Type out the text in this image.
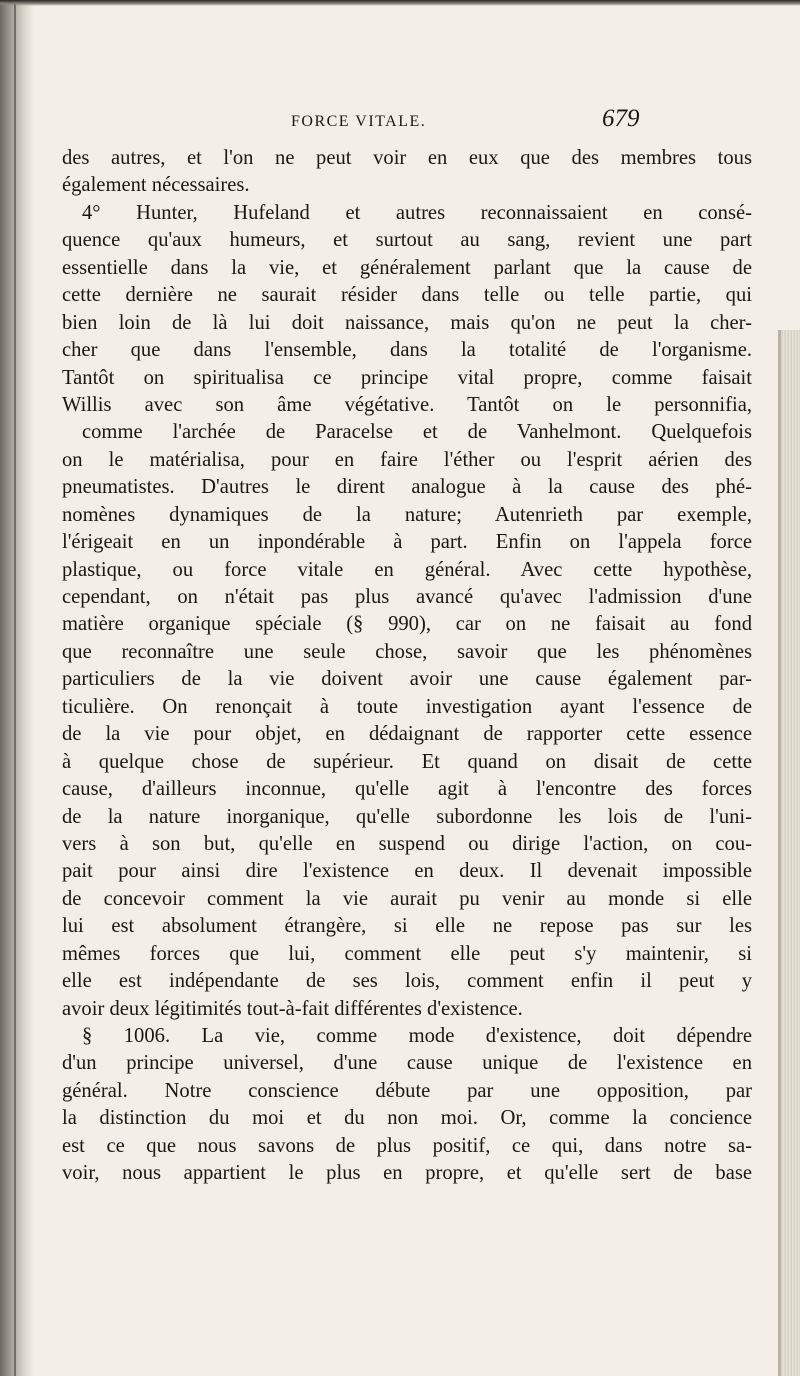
FORCE VITALE.	679
des autres, et l'on ne peut voir en eux que des membres tous
également nécessaires.
4° Hunter, Hufeland et autres reconnaissaient en consé-
quence qu'aux humeurs, et surtout au sang, revient une part
essentielle dans la vie, et généralement parlant que la cause de
cette dernière ne saurait résider dans telle ou telle partie, qui
bien loin de là lui doit naissance, mais qu'on ne peut la cher-
cher que dans l'ensemble, dans la totalité de l'organisme.
Tantôt on spiritualisa ce principe vital propre, comme faisait
Willis avec son âme végétative. Tantôt on le personnifia,
comme l'archée de Paracelse et de Vanhelmont. Quelquefois
on le matérialisa, pour en faire l'éther ou l'esprit aérien des
pneumatistes. D'autres le dirent analogue à la cause des phé-
nomènes dynamiques de la nature; Autenrieth par exemple,
l'érigeait en un inpondérable à part. Enfin on l'appela force
plastique, ou force vitale en général. Avec cette hypothèse,
cependant, on n'était pas plus avancé qu'avec l'admission d'une
matière organique spéciale (§ 990), car on ne faisait au fond
que reconnaître une seule chose, savoir que les phénomènes
particuliers de la vie doivent avoir une cause également par-
ticulière. On renonçait à toute investigation ayant l'essence de
de la vie pour objet, en dédaignant de rapporter cette essence
à quelque chose de supérieur. Et quand on disait de cette
cause, d'ailleurs inconnue, qu'elle agit à l'encontre des forces
de la nature inorganique, qu'elle subordonne les lois de l'uni-
vers à son but, qu'elle en suspend ou dirige l'action, on cou-
pait pour ainsi dire l'existence en deux. Il devenait impossible
de concevoir comment la vie aurait pu venir au monde si elle
lui est absolument étrangère, si elle ne repose pas sur les
mêmes forces que lui, comment elle peut s'y maintenir, si
elle est indépendante de ses lois, comment enfin il peut y
avoir deux légitimités tout-à-fait différentes d'existence.
§ 1006. La vie, comme mode d'existence, doit dépendre
d'un principe universel, d'une cause unique de l'existence en
général. Notre conscience débute par une opposition, par
la distinction du moi et du non moi. Or, comme la concience
est ce que nous savons de plus positif, ce qui, dans notre sa-
voir, nous appartient le plus en propre, et qu'elle sert de base
